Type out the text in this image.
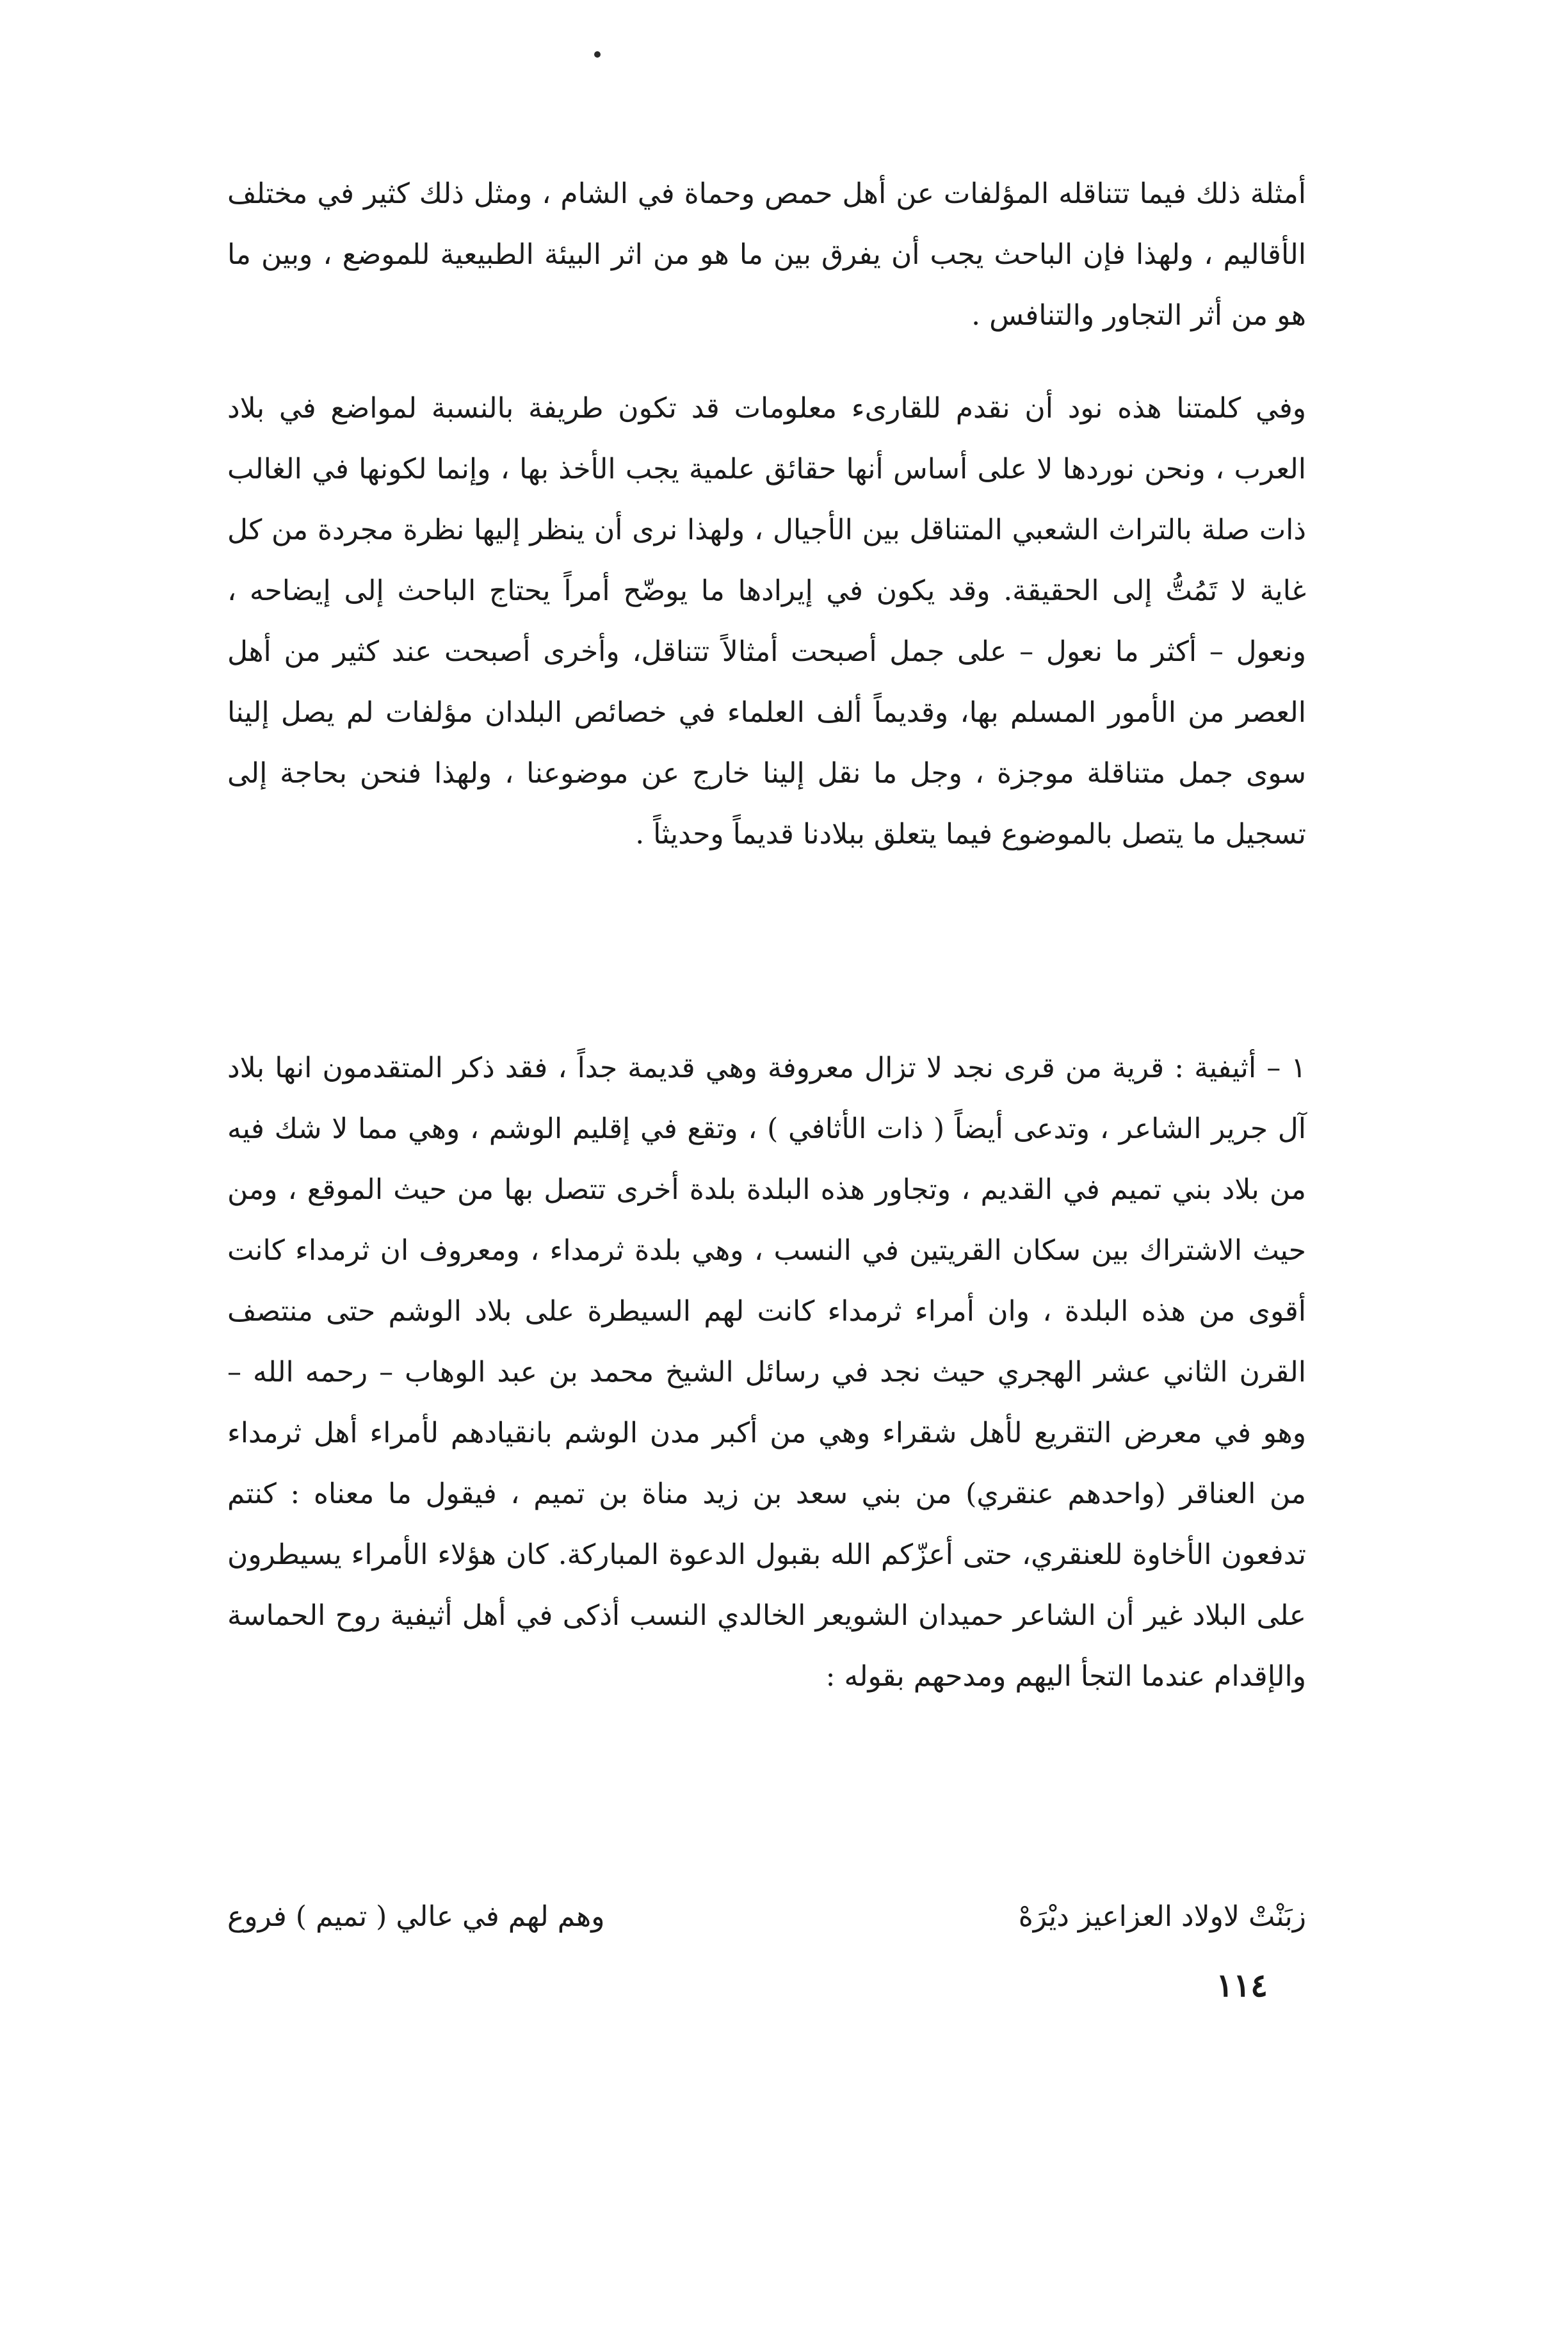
أمثلة ذلك فيما تتناقله المؤلفات عن أهل حمص وحماة في الشام ، ومثل ذلك كثير في مختلف الأقاليم ، ولهذا فإن الباحث يجب أن يفرق بين ما هو من اثر البيئة الطبيعية للموضع ، وبين ما هو من أثر التجاور والتنافس .

وفي كلمتنا هذه نود أن نقدم للقارىء معلومات قد تكون طريفة بالنسبة لمواضع في بلاد العرب ، ونحن نوردها لا على أساس أنها حقائق علمية يجب الأخذ بها ، وإنما لكونها في الغالب ذات صلة بالتراث الشعبي المتناقل بين الأجيال ، ولهذا نرى أن ينظر إليها نظرة مجردة من كل غاية لا تَمُتُّ إلى الحقيقة. وقد يكون في إيرادها ما يوضّح أمراً يحتاج الباحث إلى إيضاحه ، ونعول – أكثر ما نعول – على جمل أصبحت أمثالاً تتناقل، وأخرى أصبحت عند كثير من أهل العصر من الأمور المسلم بها، وقديماً ألف العلماء في خصائص البلدان مؤلفات لم يصل إلينا سوى جمل متناقلة موجزة ، وجل ما نقل إلينا خارج عن موضوعنا ، ولهذا فنحن بحاجة إلى تسجيل ما يتصل بالموضوع فيما يتعلق ببلادنا قديماً وحديثاً .

١ – أثيفية : قرية من قرى نجد لا تزال معروفة وهي قديمة جداً ، فقد ذكر المتقدمون انها بلاد آل جرير الشاعر ، وتدعى أيضاً ( ذات الأثافي ) ، وتقع في إقليم الوشم ، وهي مما لا شك فيه من بلاد بني تميم في القديم ، وتجاور هذه البلدة بلدة أخرى تتصل بها من حيث الموقع ، ومن حيث الاشتراك بين سكان القريتين في النسب ، وهي بلدة ثرمداء ، ومعروف ان ثرمداء كانت أقوى من هذه البلدة ، وان أمراء ثرمداء كانت لهم السيطرة على بلاد الوشم حتى منتصف القرن الثاني عشر الهجري حيث نجد في رسائل الشيخ محمد بن عبد الوهاب – رحمه الله – وهو في معرض التقريع لأهل شقراء وهي من أكبر مدن الوشم بانقيادهم لأمراء أهل ثرمداء من العناقر (واحدهم عنقري) من بني سعد بن زيد مناة بن تميم ، فيقول ما معناه : كنتم تدفعون الأخاوة للعنقري، حتى أعزّكم الله بقبول الدعوة المباركة. كان هؤلاء الأمراء يسيطرون على البلاد غير أن الشاعر حميدان الشويعر الخالدي النسب أذكى في أهل أثيفية روح الحماسة والإقدام عندما التجأ اليهم ومدحهم بقوله :

زبَنْتْ لاولاد العزاعيز ديْرَهْ
وهم لهم في عالي ( تميم ) فروع
١١٤
